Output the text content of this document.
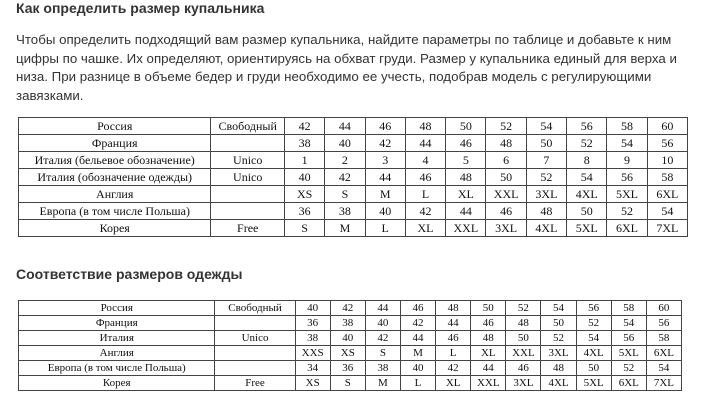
Как определить размер купальника
Чтобы определить подходящий вам размер купальника, найдите параметры по таблице и добавьте к ним цифры по чашке. Их определяют, ориентируясь на обхват груди. Размер у купальника единый для верха и низа. При разнице в объеме бедер и груди необходимо ее учесть, подобрав модель с регулирующими завязками.
Россия	Свободный	42	44	46	48	50	52	54	56	58	60
Франция		38	40	42	44	46	48	50	52	54	56
Италия (бельевое обозначение)	Unico	1	2	3	4	5	6	7	8	9	10
Италия (обозначение одежды)	Unico	40	42	44	46	48	50	52	54	56	58
Англия		XS	S	M	L	XL	XXL	3XL	4XL	5XL	6XL
Европа (в том числе Польша)		36	38	40	42	44	46	48	50	52	54
Корея	Free	S	M	L	XL	XXL	3XL	4XL	5XL	6XL	7XL
Соответствие размеров одежды
Россия	Свободный	40	42	44	46	48	50	52	54	56	58	60
Франция		36	38	40	42	44	46	48	50	52	54	56
Италия	Unico	38	40	42	44	46	48	50	52	54	56	58
Англия		XXS	XS	S	M	L	XL	XXL	3XL	4XL	5XL	6XL
Европа (в том числе Польша)		34	36	38	40	42	44	46	48	50	52	54
Корея	Free	XS	S	M	L	XL	XXL	3XL	4XL	5XL	6XL	7XL
